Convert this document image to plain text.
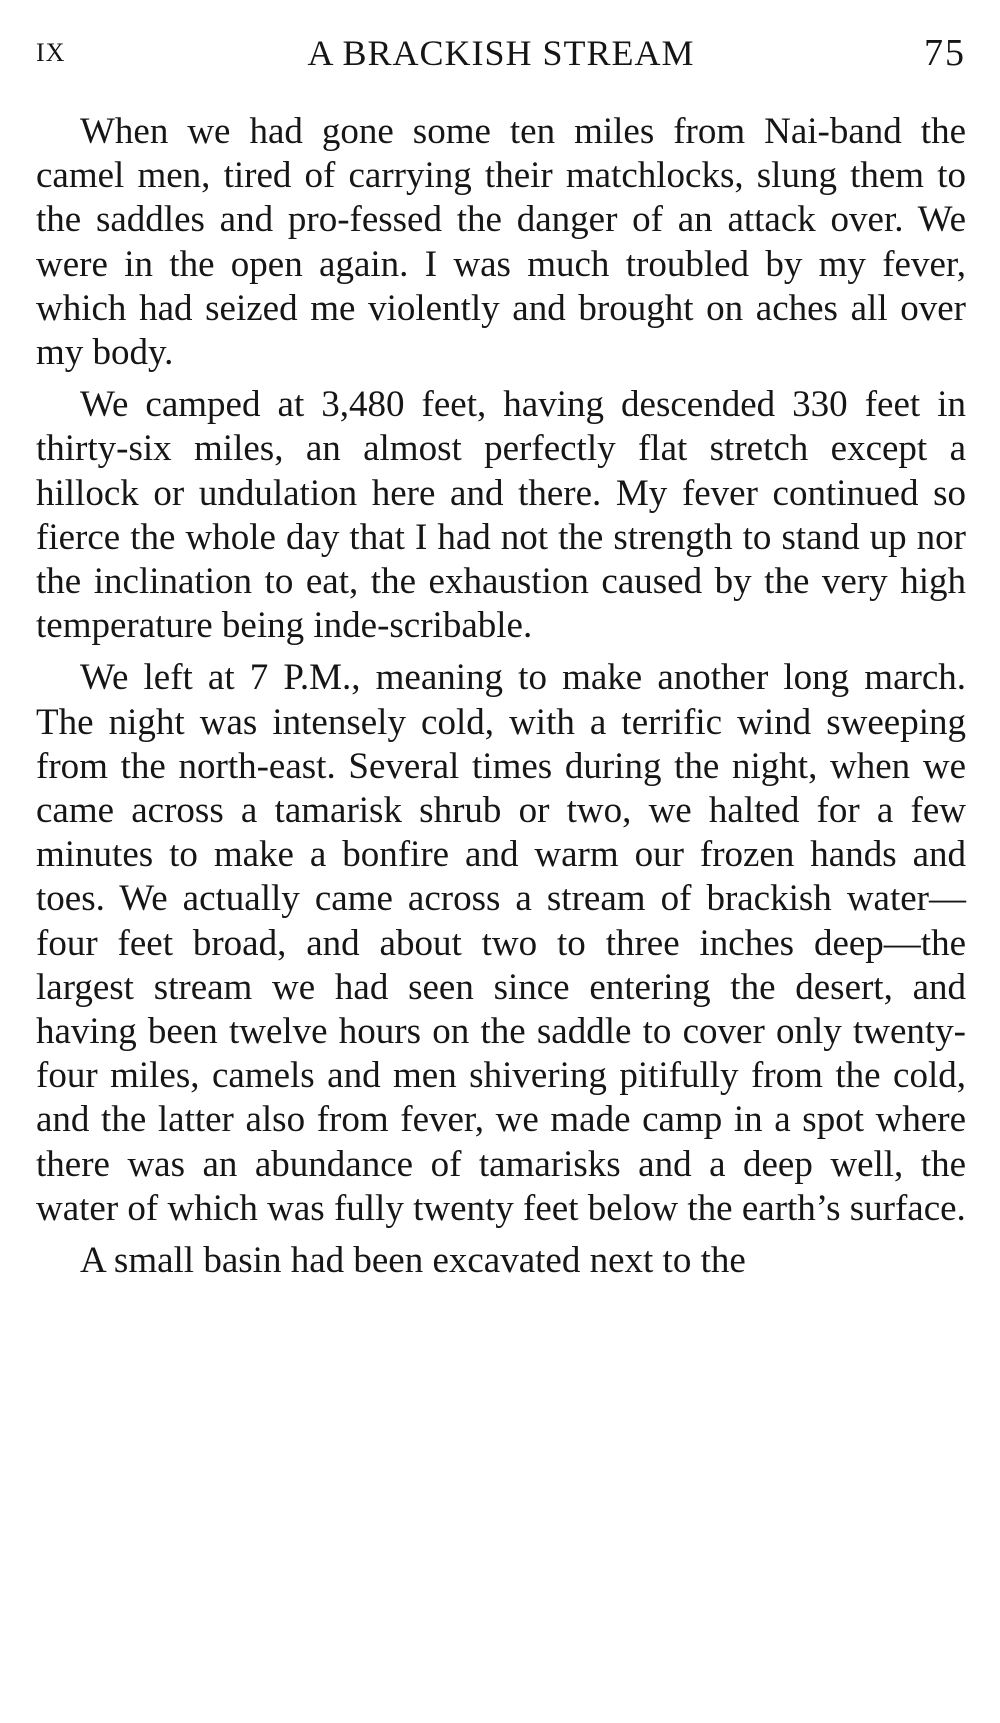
IX	A BRACKISH STREAM	75

When we had gone some ten miles from Nai-band the camel men, tired of carrying their matchlocks, slung them to the saddles and pro-fessed the danger of an attack over. We were in the open again. I was much troubled by my fever, which had seized me violently and brought on aches all over my body.

We camped at 3,480 feet, having descended 330 feet in thirty-six miles, an almost perfectly flat stretch except a hillock or undulation here and there. My fever continued so fierce the whole day that I had not the strength to stand up nor the inclination to eat, the exhaustion caused by the very high temperature being inde-scribable.

We left at 7 P.M., meaning to make another long march. The night was intensely cold, with a terrific wind sweeping from the north-east. Several times during the night, when we came across a tamarisk shrub or two, we halted for a few minutes to make a bonfire and warm our frozen hands and toes. We actually came across a stream of brackish water—four feet broad, and about two to three inches deep—the largest stream we had seen since entering the desert, and having been twelve hours on the saddle to cover only twenty-four miles, camels and men shivering pitifully from the cold, and the latter also from fever, we made camp in a spot where there was an abundance of tamarisks and a deep well, the water of which was fully twenty feet below the earth’s surface.

A small basin had been excavated next to the
